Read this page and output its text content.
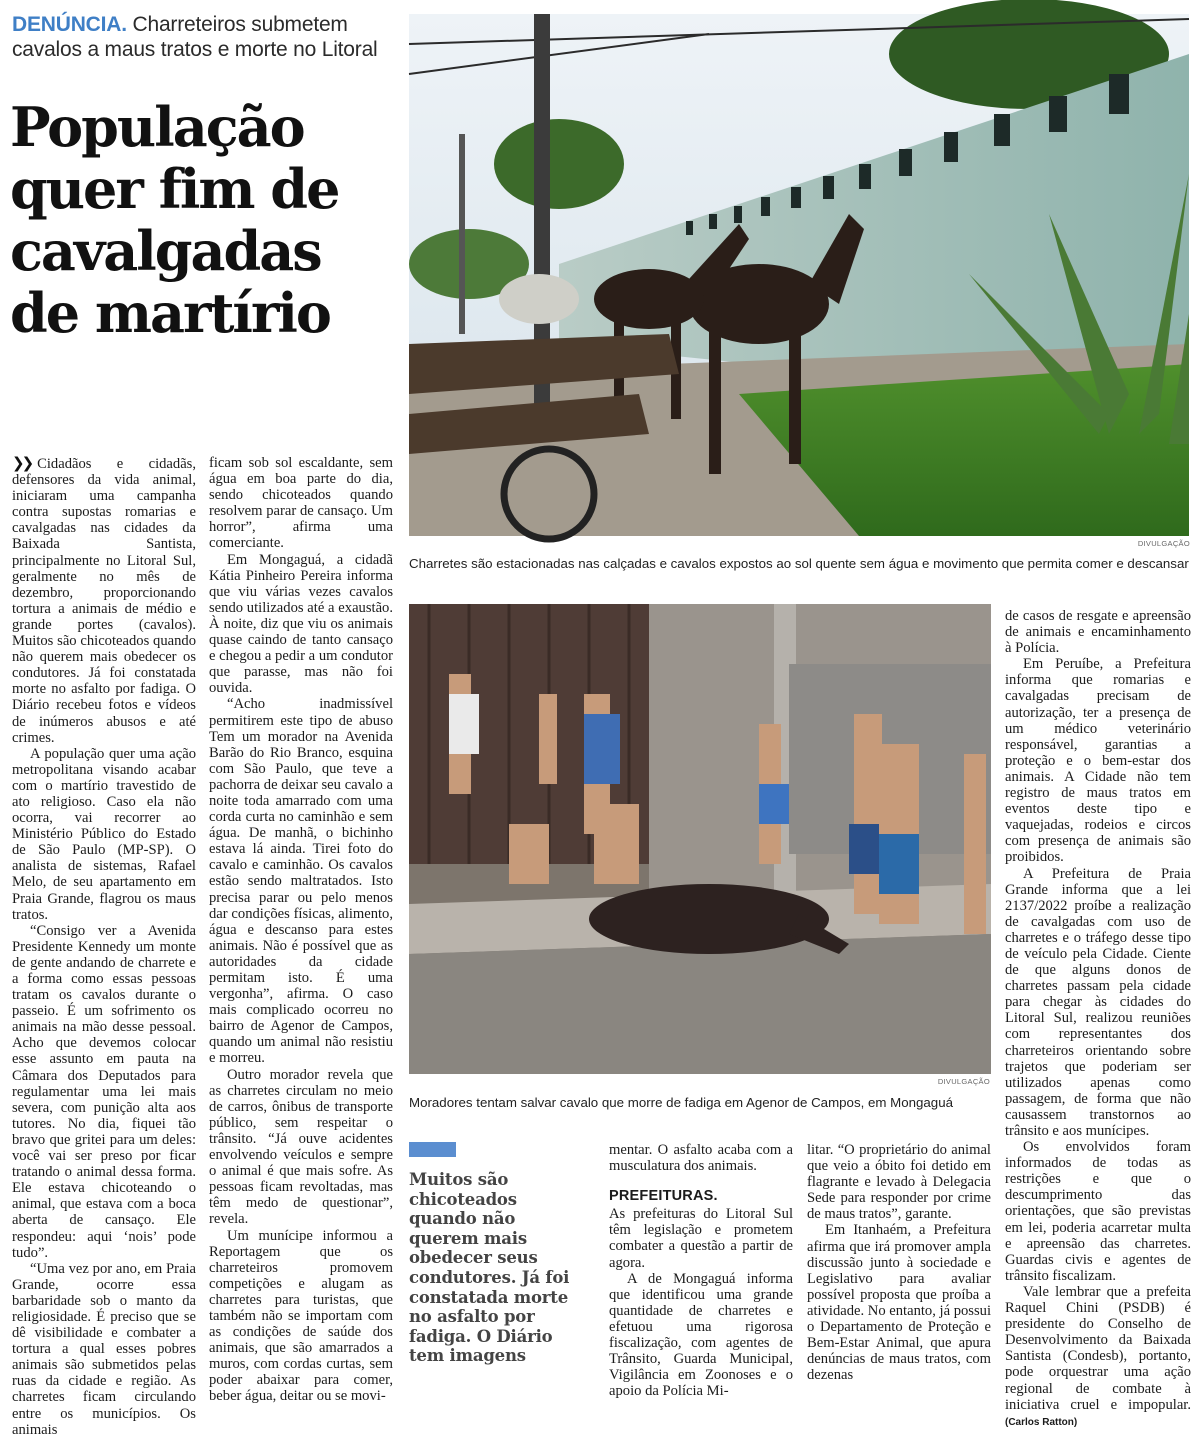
DENÚNCIA. Charreteiros submetem cavalos a maus tratos e morte no Litoral
População quer fim de cavalgadas de martírio
DIVULGAÇÃO
Charretes são estacionadas nas calçadas e cavalos expostos ao sol quente sem água e movimento que permita comer e descansar
DIVULGAÇÃO
Moradores tentam salvar cavalo que morre de fadiga em Agenor de Campos, em Mongaguá
Muitos são chicoteados quando não querem mais obedecer seus condutores. Já foi constatada morte no asfalto por fadiga. O Diário tem imagens

❯❯ Cidadãos e cidadãs, defensores da vida animal, iniciaram uma campanha contra supostas romarias e cavalgadas nas cidades da Baixada Santista, principalmente no Litoral Sul, geralmente no mês de dezembro, proporcionando tortura a animais de médio e grande portes (cavalos). Muitos são chicoteados quando não querem mais obedecer os condutores. Já foi constatada morte no asfalto por fadiga. O Diário recebeu fotos e vídeos de inúmeros abusos e até crimes.

A população quer uma ação metropolitana visando acabar com o martírio travestido de ato religioso. Caso ela não ocorra, vai recorrer ao Ministério Público do Estado de São Paulo (MP-SP). O analista de sistemas, Rafael Melo, de seu apartamento em Praia Grande, flagrou os maus tratos.

“Consigo ver a Avenida Presidente Kennedy um monte de gente andando de charrete e a forma como essas pessoas tratam os cavalos durante o passeio. É um sofrimento os animais na mão desse pessoal. Acho que devemos colocar esse assunto em pauta na Câmara dos Deputados para regulamentar uma lei mais severa, com punição alta aos tutores. No dia, fiquei tão bravo que gritei para um deles: você vai ser preso por ficar tratando o animal dessa forma. Ele estava chicoteando o animal, que estava com a boca aberta de cansaço. Ele respondeu: aqui ‘nois’ pode tudo”.

“Uma vez por ano, em Praia Grande, ocorre essa barbaridade sob o manto da religiosidade. É preciso que se dê visibilidade e combater a tortura a qual esses pobres animais são submetidos pelas ruas da cidade e região. As charretes ficam circulando entre os municípios. Os animais

ficam sob sol escaldante, sem água em boa parte do dia, sendo chicoteados quando resolvem parar de cansaço. Um horror”, afirma uma comerciante.

Em Mongaguá, a cidadã Kátia Pinheiro Pereira informa que viu várias vezes cavalos sendo utilizados até a exaustão. À noite, diz que viu os animais quase caindo de tanto cansaço e chegou a pedir a um condutor que parasse, mas não foi ouvida.

“Acho inadmissível permitirem este tipo de abuso Tem um morador na Avenida Barão do Rio Branco, esquina com São Paulo, que teve a pachorra de deixar seu cavalo a noite toda amarrado com uma corda curta no caminhão e sem água. De manhã, o bichinho estava lá ainda. Tirei foto do cavalo e caminhão. Os cavalos estão sendo maltratados. Isto precisa parar ou pelo menos dar condições físicas, alimento, água e descanso para estes animais. Não é possível que as autoridades da cidade permitam isto. É uma vergonha”, afirma. O caso mais complicado ocorreu no bairro de Agenor de Campos, quando um animal não resistiu e morreu.

Outro morador revela que as charretes circulam no meio de carros, ônibus de transporte público, sem respeitar o trânsito. “Já ouve acidentes envolvendo veículos e sempre o animal é que mais sofre. As pessoas ficam revoltadas, mas têm medo de questionar”, revela.

Um munícipe informou a Reportagem que os charreteiros promovem competições e alugam as charretes para turistas, que também não se importam com as condições de saúde dos animais, que são amarrados a muros, com cordas curtas, sem poder abaixar para comer, beber água, deitar ou se movi-

mentar. O asfalto acaba com a musculatura dos animais.

PREFEITURAS.

As prefeituras do Litoral Sul têm legislação e prometem combater a questão a partir de agora.

A de Mongaguá informa que identificou uma grande quantidade de charretes e efetuou uma rigorosa fiscalização, com agentes de Trânsito, Guarda Municipal, Vigilância em Zoonoses e o apoio da Polícia Mi-

litar. “O proprietário do animal que veio a óbito foi detido em flagrante e levado à Delegacia Sede para responder por crime de maus tratos”, garante.

Em Itanhaém, a Prefeitura afirma que irá promover ampla discussão junto à sociedade e Legislativo para avaliar possível proposta que proíba a atividade. No entanto, já possui o Departamento de Proteção e Bem-Estar Animal, que apura denúncias de maus tratos, com dezenas

de casos de resgate e apreensão de animais e encaminhamento à Polícia.

Em Peruíbe, a Prefeitura informa que romarias e cavalgadas precisam de autorização, ter a presença de um médico veterinário responsável, garantias a proteção e o bem-estar dos animais. A Cidade não tem registro de maus tratos em eventos deste tipo e vaquejadas, rodeios e circos com presença de animais são proibidos.

A Prefeitura de Praia Grande informa que a lei 2137/2022 proíbe a realização de cavalgadas com uso de charretes e o tráfego desse tipo de veículo pela Cidade. Ciente de que alguns donos de charretes passam pela cidade para chegar às cidades do Litoral Sul, realizou reuniões com representantes dos charreteiros orientando sobre trajetos que poderiam ser utilizados apenas como passagem, de forma que não causassem transtornos ao trânsito e aos munícipes.

Os envolvidos foram informados de todas as restrições e que o descumprimento das orientações, que são previstas em lei, poderia acarretar multa e apreensão das charretes. Guardas civis e agentes de trânsito fiscalizam.

Vale lembrar que a prefeita Raquel Chini (PSDB) é presidente do Conselho de Desenvolvimento da Baixada Santista (Condesb), portanto, pode orquestrar uma ação regional de combate à iniciativa cruel e impopular. (Carlos Ratton)
